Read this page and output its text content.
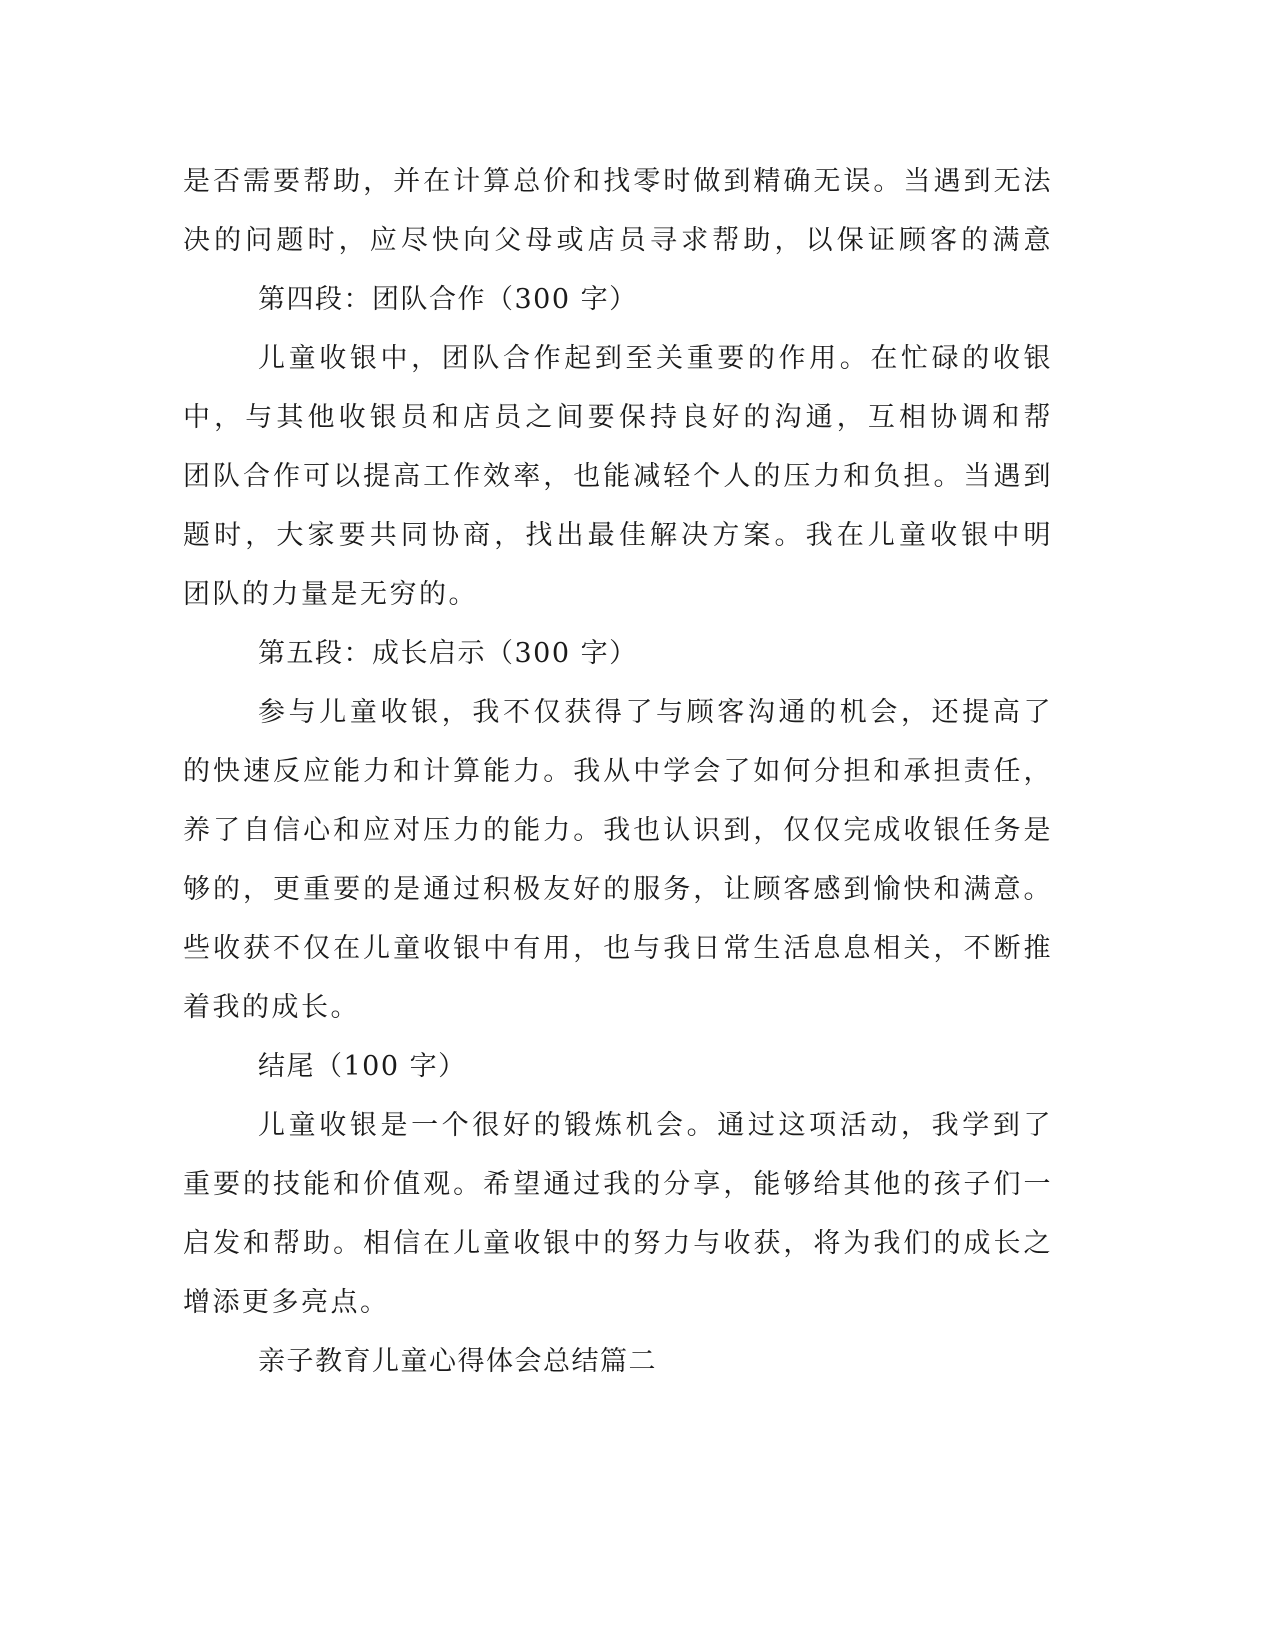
是否需要帮助，并在计算总价和找零时做到精确无误。当遇到无法
决的问题时，应尽快向父母或店员寻求帮助，以保证顾客的满意
第四段：团队合作（300 字）
儿童收银中，团队合作起到至关重要的作用。在忙碌的收银
中，与其他收银员和店员之间要保持良好的沟通，互相协调和帮
团队合作可以提高工作效率，也能减轻个人的压力和负担。当遇到
题时，大家要共同协商，找出最佳解决方案。我在儿童收银中明
团队的力量是无穷的。
第五段：成长启示（300 字）
参与儿童收银，我不仅获得了与顾客沟通的机会，还提高了
的快速反应能力和计算能力。我从中学会了如何分担和承担责任，
养了自信心和应对压力的能力。我也认识到，仅仅完成收银任务是
够的，更重要的是通过积极友好的服务，让顾客感到愉快和满意。
些收获不仅在儿童收银中有用，也与我日常生活息息相关，不断推
着我的成长。
结尾（100 字）
儿童收银是一个很好的锻炼机会。通过这项活动，我学到了
重要的技能和价值观。希望通过我的分享，能够给其他的孩子们一
启发和帮助。相信在儿童收银中的努力与收获，将为我们的成长之
增添更多亮点。
亲子教育儿童心得体会总结篇二
